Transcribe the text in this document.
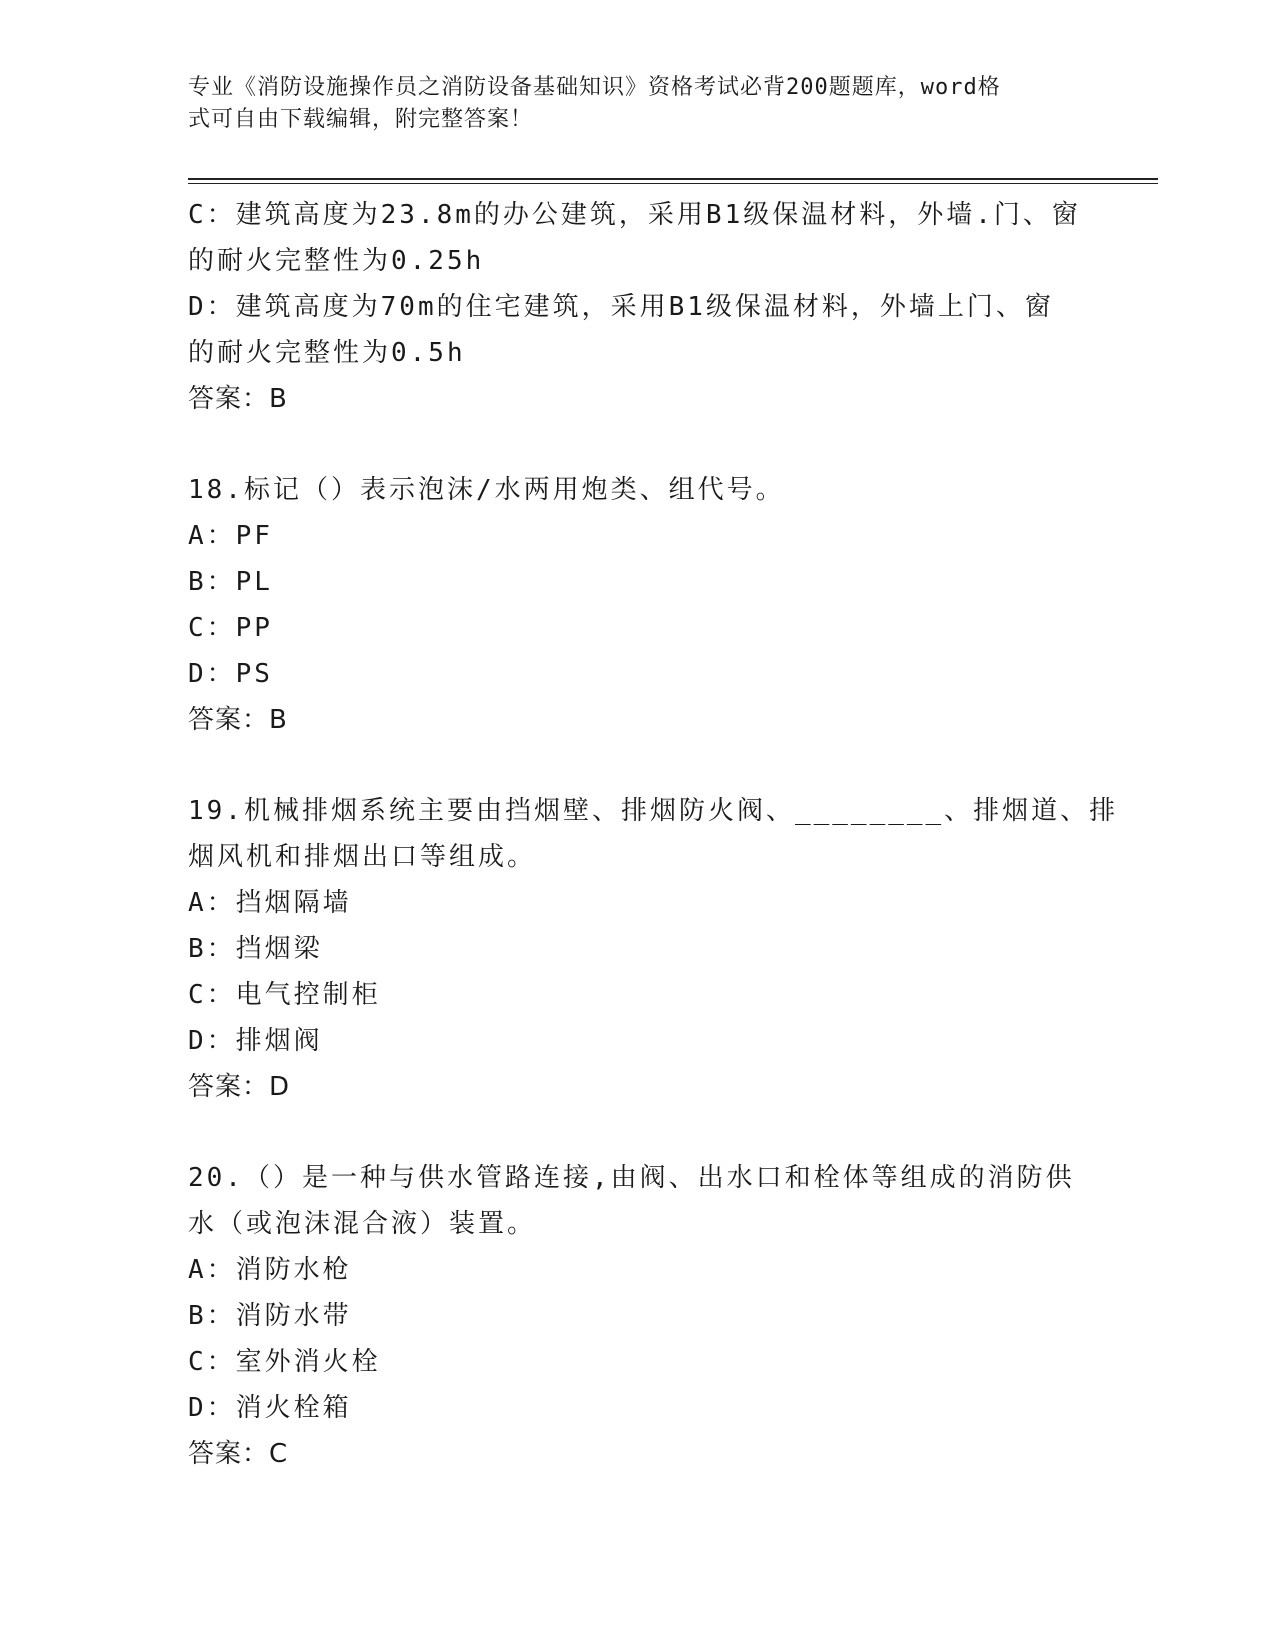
专业《消防设施操作员之消防设备基础知识》资格考试必背200题题库，word格
式可自由下载编辑，附完整答案！
C：建筑高度为23.8m的办公建筑，采用B1级保温材料，外墙.门、窗
的耐火完整性为0.25h
D：建筑高度为70m的住宅建筑，采用B1级保温材料，外墙上门、窗
的耐火完整性为0.5h
答案：B
18.标记（）表示泡沫/水两用炮类、组代号。
A：PF
B：PL
C：PP
D：PS
答案：B
19.机械排烟系统主要由挡烟壁、排烟防火阀、________、排烟道、排
烟风机和排烟出口等组成。
A：挡烟隔墙
B：挡烟梁
C：电气控制柜
D：排烟阀
答案：D
20.（）是一种与供水管路连接,由阀、出水口和栓体等组成的消防供
水（或泡沫混合液）装置。
A：消防水枪
B：消防水带
C：室外消火栓
D：消火栓箱
答案：C
